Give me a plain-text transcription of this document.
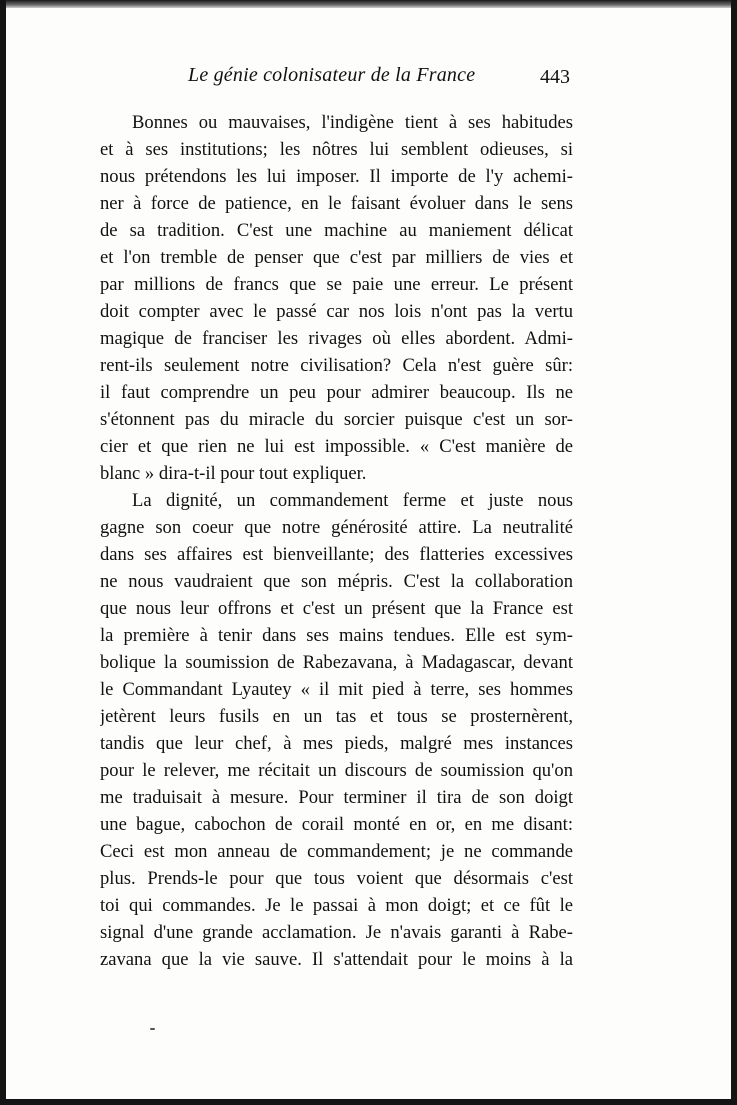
Le génie colonisateur de la France	443
Bonnes ou mauvaises, l'indigène tient à ses habitudes
et à ses institutions; les nôtres lui semblent odieuses, si
nous prétendons les lui imposer. Il importe de l'y achemi-
ner à force de patience, en le faisant évoluer dans le sens
de sa tradition. C'est une machine au maniement délicat
et l'on tremble de penser que c'est par milliers de vies et
par millions de francs que se paie une erreur. Le présent
doit compter avec le passé car nos lois n'ont pas la vertu
magique de franciser les rivages où elles abordent. Admi-
rent-ils seulement notre civilisation? Cela n'est guère sûr:
il faut comprendre un peu pour admirer beaucoup. Ils ne
s'étonnent pas du miracle du sorcier puisque c'est un sor-
cier et que rien ne lui est impossible. « C'est manière de
blanc » dira-t-il pour tout expliquer.
La dignité, un commandement ferme et juste nous
gagne son coeur que notre générosité attire. La neutralité
dans ses affaires est bienveillante; des flatteries excessives
ne nous vaudraient que son mépris. C'est la collaboration
que nous leur offrons et c'est un présent que la France est
la première à tenir dans ses mains tendues. Elle est sym-
bolique la soumission de Rabezavana, à Madagascar, devant
le Commandant Lyautey « il mit pied à terre, ses hommes
jetèrent leurs fusils en un tas et tous se prosternèrent,
tandis que leur chef, à mes pieds, malgré mes instances
pour le relever, me récitait un discours de soumission qu'on
me traduisait à mesure. Pour terminer il tira de son doigt
une bague, cabochon de corail monté en or, en me disant:
Ceci est mon anneau de commandement; je ne commande
plus. Prends-le pour que tous voient que désormais c'est
toi qui commandes. Je le passai à mon doigt; et ce fût le
signal d'une grande acclamation. Je n'avais garanti à Rabe-
zavana que la vie sauve. Il s'attendait pour le moins à la
